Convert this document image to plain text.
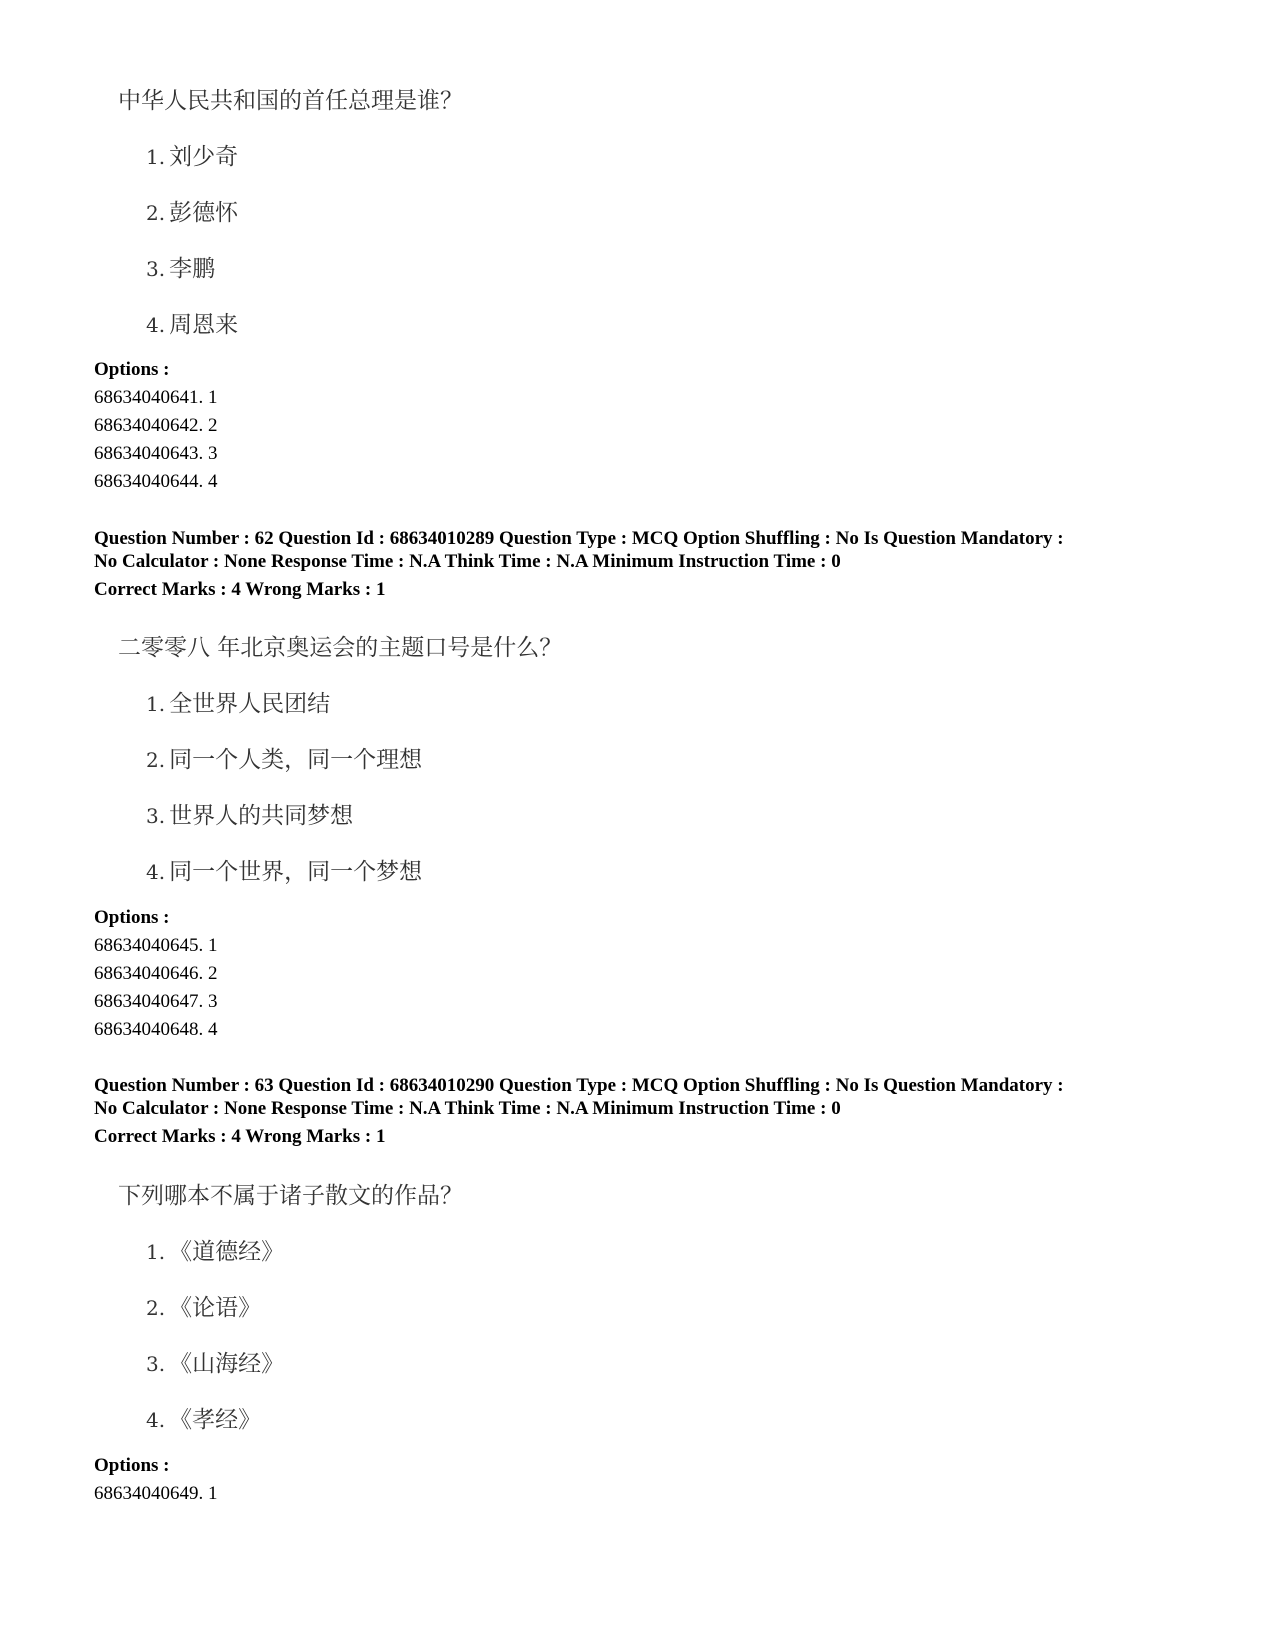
中华人民共和国的首任总理是谁？
1. 刘少奇
2. 彭德怀
3. 李鹏
4. 周恩来
Options :
68634040641. 1
68634040642. 2
68634040643. 3
68634040644. 4
Question Number : 62 Question Id : 68634010289 Question Type : MCQ Option Shuffling : No Is Question Mandatory :
No Calculator : None Response Time : N.A Think Time : N.A Minimum Instruction Time : 0
Correct Marks : 4 Wrong Marks : 1
二零零八 年北京奥运会的主题口号是什么？
1. 全世界人民团结
2. 同一个人类，同一个理想
3. 世界人的共同梦想
4. 同一个世界，同一个梦想
Options :
68634040645. 1
68634040646. 2
68634040647. 3
68634040648. 4
Question Number : 63 Question Id : 68634010290 Question Type : MCQ Option Shuffling : No Is Question Mandatory :
No Calculator : None Response Time : N.A Think Time : N.A Minimum Instruction Time : 0
Correct Marks : 4 Wrong Marks : 1
下列哪本不属于诸子散文的作品？
1. 《道德经》
2. 《论语》
3. 《山海经》
4. 《孝经》
Options :
68634040649. 1
